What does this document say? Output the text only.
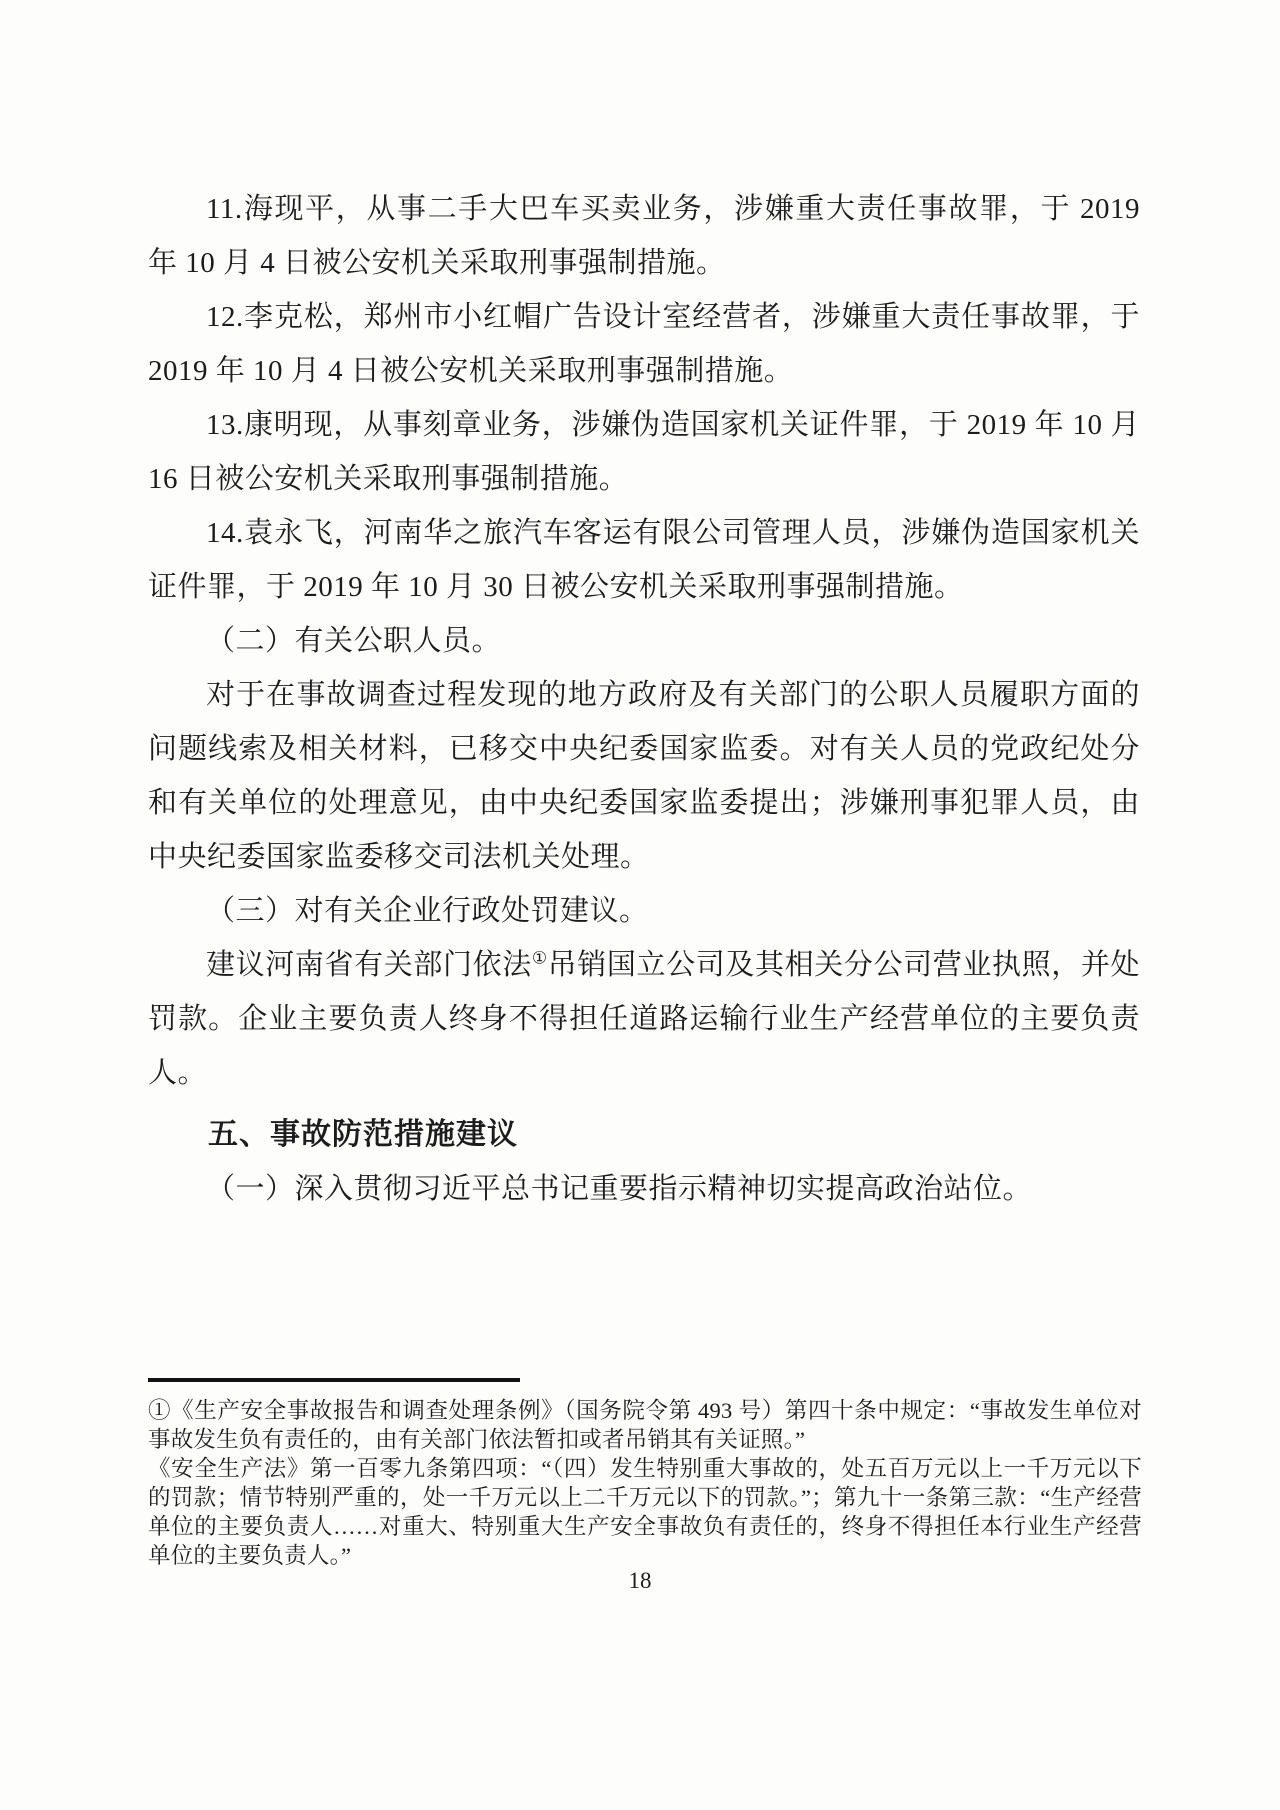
11.海现平，从事二手大巴车买卖业务，涉嫌重大责任事故罪，于 2019 年 10 月 4 日被公安机关采取刑事强制措施。

12.李克松，郑州市小红帽广告设计室经营者，涉嫌重大责任事故罪，于 2019 年 10 月 4 日被公安机关采取刑事强制措施。

13.康明现，从事刻章业务，涉嫌伪造国家机关证件罪，于 2019 年 10 月 16 日被公安机关采取刑事强制措施。

14.袁永飞，河南华之旅汽车客运有限公司管理人员，涉嫌伪造国家机关证件罪，于 2019 年 10 月 30 日被公安机关采取刑事强制措施。

（二）有关公职人员。

对于在事故调查过程发现的地方政府及有关部门的公职人员履职方面的问题线索及相关材料，已移交中央纪委国家监委。对有关人员的党政纪处分和有关单位的处理意见，由中央纪委国家监委提出；涉嫌刑事犯罪人员，由中央纪委国家监委移交司法机关处理。

（三）对有关企业行政处罚建议。

建议河南省有关部门依法①吊销国立公司及其相关分公司营业执照，并处罚款。企业主要负责人终身不得担任道路运输行业生产经营单位的主要负责人。

五、事故防范措施建议

（一）深入贯彻习近平总书记重要指示精神切实提高政治站位。

①《生产安全事故报告和调查处理条例》（国务院令第 493 号）第四十条中规定：“事故发生单位对事故发生负有责任的，由有关部门依法暂扣或者吊销其有关证照。”

《安全生产法》第一百零九条第四项：“（四）发生特别重大事故的，处五百万元以上一千万元以下的罚款；情节特别严重的，处一千万元以上二千万元以下的罚款。”；第九十一条第三款：“生产经营单位的主要负责人……对重大、特别重大生产安全事故负有责任的，终身不得担任本行业生产经营单位的主要负责人。”

18
